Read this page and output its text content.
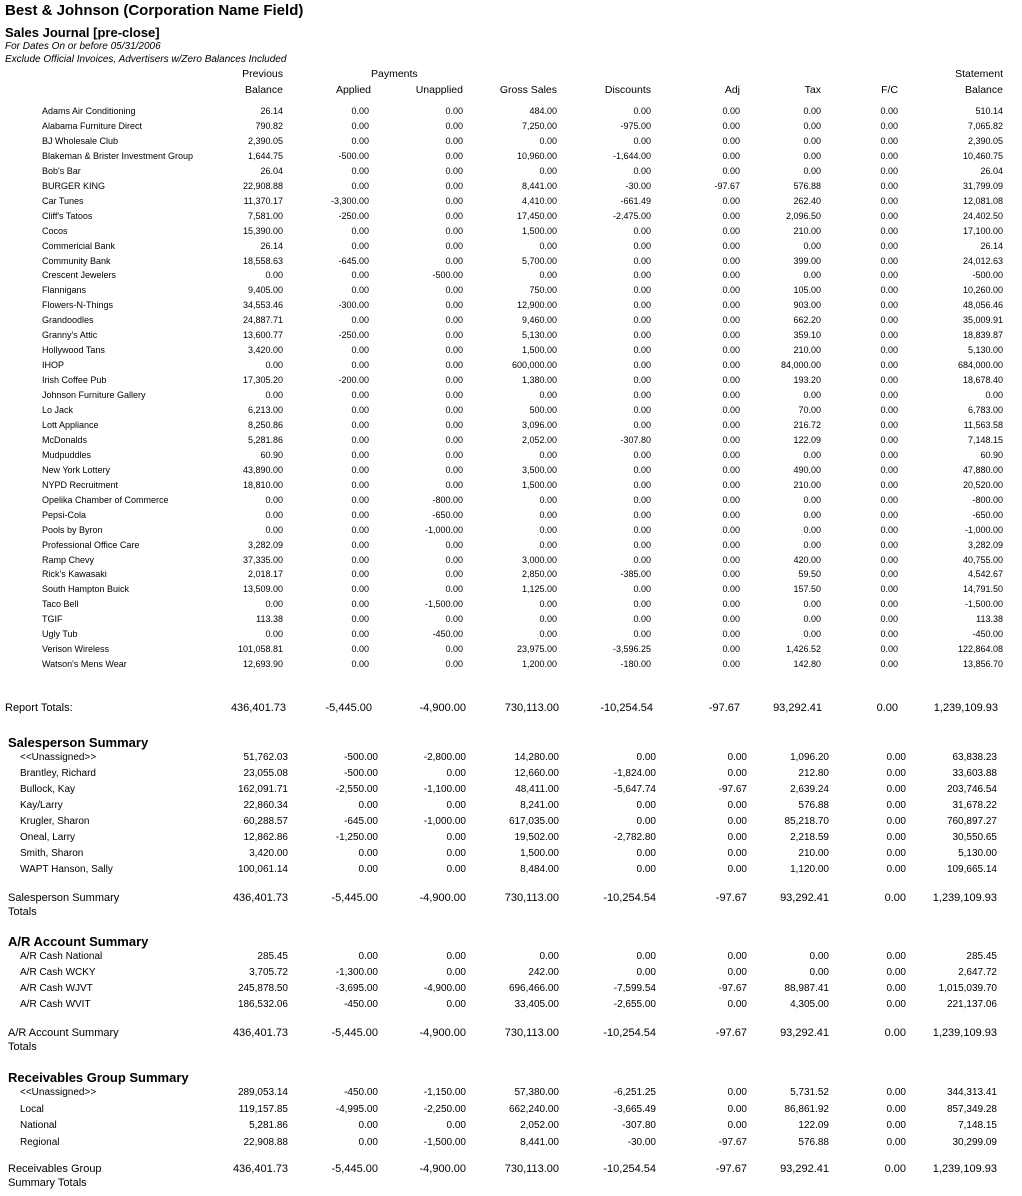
Best & Johnson (Corporation Name Field)
Sales Journal [pre-close]
For Dates On or before 05/31/2006
Exclude Official Invoices, Advertisers w/Zero Balances Included
Previous	Payments	Statement
Balance	Applied	Unapplied	Gross Sales	Discounts	Adj	Tax	F/C	Balance
Adams Air Conditioning	26.14	0.00	0.00	484.00	0.00	0.00	0.00	0.00	510.14
Alabama Furniture Direct	790.82	0.00	0.00	7,250.00	-975.00	0.00	0.00	0.00	7,065.82
BJ Wholesale Club	2,390.05	0.00	0.00	0.00	0.00	0.00	0.00	0.00	2,390.05
Blakeman & Brister Investment Group	1,644.75	-500.00	0.00	10,960.00	-1,644.00	0.00	0.00	0.00	10,460.75
Bob's Bar	26.04	0.00	0.00	0.00	0.00	0.00	0.00	0.00	26.04
BURGER KING	22,908.88	0.00	0.00	8,441.00	-30.00	-97.67	576.88	0.00	31,799.09
Car Tunes	11,370.17	-3,300.00	0.00	4,410.00	-661.49	0.00	262.40	0.00	12,081.08
Cliff's Tatoos	7,581.00	-250.00	0.00	17,450.00	-2,475.00	0.00	2,096.50	0.00	24,402.50
Cocos	15,390.00	0.00	0.00	1,500.00	0.00	0.00	210.00	0.00	17,100.00
Commericial Bank	26.14	0.00	0.00	0.00	0.00	0.00	0.00	0.00	26.14
Community Bank	18,558.63	-645.00	0.00	5,700.00	0.00	0.00	399.00	0.00	24,012.63
Crescent Jewelers	0.00	0.00	-500.00	0.00	0.00	0.00	0.00	0.00	-500.00
Flannigans	9,405.00	0.00	0.00	750.00	0.00	0.00	105.00	0.00	10,260.00
Flowers-N-Things	34,553.46	-300.00	0.00	12,900.00	0.00	0.00	903.00	0.00	48,056.46
Grandoodles	24,887.71	0.00	0.00	9,460.00	0.00	0.00	662.20	0.00	35,009.91
Granny's Attic	13,600.77	-250.00	0.00	5,130.00	0.00	0.00	359.10	0.00	18,839.87
Hollywood Tans	3,420.00	0.00	0.00	1,500.00	0.00	0.00	210.00	0.00	5,130.00
IHOP	0.00	0.00	0.00	600,000.00	0.00	0.00	84,000.00	0.00	684,000.00
Irish Coffee Pub	17,305.20	-200.00	0.00	1,380.00	0.00	0.00	193.20	0.00	18,678.40
Johnson Furniture Gallery	0.00	0.00	0.00	0.00	0.00	0.00	0.00	0.00	0.00
Lo Jack	6,213.00	0.00	0.00	500.00	0.00	0.00	70.00	0.00	6,783.00
Lott Appliance	8,250.86	0.00	0.00	3,096.00	0.00	0.00	216.72	0.00	11,563.58
McDonalds	5,281.86	0.00	0.00	2,052.00	-307.80	0.00	122.09	0.00	7,148.15
Mudpuddles	60.90	0.00	0.00	0.00	0.00	0.00	0.00	0.00	60.90
New York Lottery	43,890.00	0.00	0.00	3,500.00	0.00	0.00	490.00	0.00	47,880.00
NYPD Recruitment	18,810.00	0.00	0.00	1,500.00	0.00	0.00	210.00	0.00	20,520.00
Opelika Chamber of Commerce	0.00	0.00	-800.00	0.00	0.00	0.00	0.00	0.00	-800.00
Pepsi-Cola	0.00	0.00	-650.00	0.00	0.00	0.00	0.00	0.00	-650.00
Pools by Byron	0.00	0.00	-1,000.00	0.00	0.00	0.00	0.00	0.00	-1,000.00
Professional Office Care	3,282.09	0.00	0.00	0.00	0.00	0.00	0.00	0.00	3,282.09
Ramp Chevy	37,335.00	0.00	0.00	3,000.00	0.00	0.00	420.00	0.00	40,755.00
Rick's Kawasaki	2,018.17	0.00	0.00	2,850.00	-385.00	0.00	59.50	0.00	4,542.67
South Hampton Buick	13,509.00	0.00	0.00	1,125.00	0.00	0.00	157.50	0.00	14,791.50
Taco Bell	0.00	0.00	-1,500.00	0.00	0.00	0.00	0.00	0.00	-1,500.00
TGIF	113.38	0.00	0.00	0.00	0.00	0.00	0.00	0.00	113.38
Ugly Tub	0.00	0.00	-450.00	0.00	0.00	0.00	0.00	0.00	-450.00
Verison Wireless	101,058.81	0.00	0.00	23,975.00	-3,596.25	0.00	1,426.52	0.00	122,864.08
Watson's Mens Wear	12,693.90	0.00	0.00	1,200.00	-180.00	0.00	142.80	0.00	13,856.70
Report Totals:	436,401.73	-5,445.00	-4,900.00	730,113.00	-10,254.54	-97.67	93,292.41	0.00	1,239,109.93
Salesperson Summary
<<Unassigned>>	51,762.03	-500.00	-2,800.00	14,280.00	0.00	0.00	1,096.20	0.00	63,838.23
Brantley, Richard	23,055.08	-500.00	0.00	12,660.00	-1,824.00	0.00	212.80	0.00	33,603.88
Bullock, Kay	162,091.71	-2,550.00	-1,100.00	48,411.00	-5,647.74	-97.67	2,639.24	0.00	203,746.54
Kay/Larry	22,860.34	0.00	0.00	8,241.00	0.00	0.00	576.88	0.00	31,678.22
Krugler, Sharon	60,288.57	-645.00	-1,000.00	617,035.00	0.00	0.00	85,218.70	0.00	760,897.27
Oneal, Larry	12,862.86	-1,250.00	0.00	19,502.00	-2,782.80	0.00	2,218.59	0.00	30,550.65
Smith, Sharon	3,420.00	0.00	0.00	1,500.00	0.00	0.00	210.00	0.00	5,130.00
WAPT Hanson, Sally	100,061.14	0.00	0.00	8,484.00	0.00	0.00	1,120.00	0.00	109,665.14
Salesperson Summary
Totals
436,401.73	-5,445.00	-4,900.00	730,113.00	-10,254.54	-97.67	93,292.41	0.00 1,239,109.93
A/R Account Summary
A/R Cash National	285.45	0.00	0.00	0.00	0.00	0.00	0.00	0.00	285.45
A/R Cash WCKY	3,705.72	-1,300.00	0.00	242.00	0.00	0.00	0.00	0.00	2,647.72
A/R Cash WJVT	245,878.50	-3,695.00	-4,900.00	696,466.00	-7,599.54	-97.67	88,987.41	0.00	1,015,039.70
A/R Cash WVIT	186,532.06	-450.00	0.00	33,405.00	-2,655.00	0.00	4,305.00	0.00	221,137.06
A/R Account Summary
Totals
436,401.73	-5,445.00	-4,900.00	730,113.00	-10,254.54	-97.67	93,292.41	0.00 1,239,109.93
Receivables Group Summary
<<Unassigned>>	289,053.14	-450.00	-1,150.00	57,380.00	-6,251.25	0.00	5,731.52	0.00	344,313.41
Local	119,157.85	-4,995.00	-2,250.00	662,240.00	-3,665.49	0.00	86,861.92	0.00	857,349.28
National	5,281.86	0.00	0.00	2,052.00	-307.80	0.00	122.09	0.00	7,148.15
Regional	22,908.88	0.00	-1,500.00	8,441.00	-30.00	-97.67	576.88	0.00	30,299.09
Receivables Group
Summary Totals
436,401.73	-5,445.00	-4,900.00	730,113.00	-10,254.54	-97.67	93,292.41	0.00 1,239,109.93
